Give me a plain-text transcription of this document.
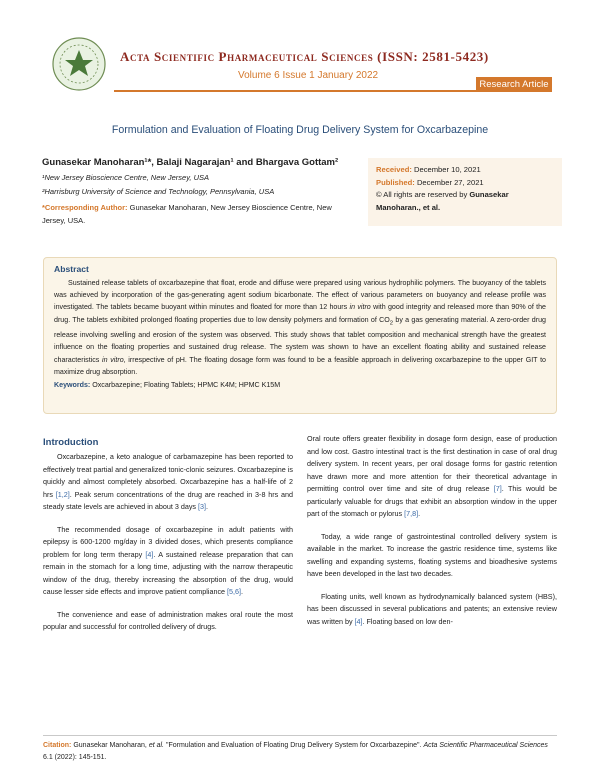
Acta Scientific Pharmaceutical Sciences (ISSN: 2581-5423)
Volume 6 Issue 1 January 2022
Research Article
Formulation and Evaluation of Floating Drug Delivery System for Oxcarbazepine
Gunasekar Manoharan¹*, Balaji Nagarajan¹ and Bhargava Gottam²
¹New Jersey Bioscience Centre, New Jersey, USA
²Harrisburg University of Science and Technology, Pennsylvania, USA
*Corresponding Author: Gunasekar Manoharan, New Jersey Bioscience Centre, New Jersey, USA.
Received: December 10, 2021
Published: December 27, 2021
© All rights are reserved by Gunasekar Manoharan., et al.
Abstract
Sustained release tablets of oxcarbazepine that float, erode and diffuse were prepared using various hydrophilic polymers. The buoyancy of the tablets was achieved by incorporation of the gas-generating agent sodium bicarbonate. The effect of various parameters on buoyancy and release profile was investigated. The tablets became buoyant within minutes and floated for more than 12 hours in vitro with good integrity and released more than 90% of the drug. The tablets exhibited prolonged floating properties due to low density polymers and formation of $CO_2$ by a gas generating material. A zero-order drug release involving swelling and erosion of the system was observed. This study shows that tablet composition and mechanical strength have the greatest influence on the floating properties and sustained drug release. The system was shown to have an excellent floating ability and sustained release characteristics in vitro, irrespective of pH. The floating dosage form was found to be a feasible approach in delivering oxcarbazepine to the upper GIT to maximize drug absorption.
Keywords: Oxcarbazepine; Floating Tablets; HPMC K4M; HPMC K15M
Introduction

Oxcarbazepine, a keto analogue of carbamazepine has been reported to effectively treat partial and generalized tonic-clonic seizures. Oxcarbazepine is quickly and almost completely absorbed. Oxcarbazepine has a half-life of 2 hrs [1,2]. Peak serum concentrations of the drug are reached in 3-8 hrs and steady state levels are achieved in about 3 days [3].

The recommended dosage of oxcarbazepine in adult patients with epilepsy is 600-1200 mg/day in 3 divided doses, which presents compliance problem for long term therapy [4]. A sustained release preparation that can remain in the stomach for a long time, adjusting with the narrow therapeutic window of the drug, thereby increasing the absorption of the drug, would cause lesser side effects and improve patient compliance [5,6].

The convenience and ease of administration makes oral route the most popular and successful for controlled delivery of drugs.

Oral route offers greater flexibility in dosage form design, ease of production and low cost. Gastro intestinal tract is the first destination in case of oral drug delivery system. In recent years, per oral dosage forms for gastric retention have drawn more and more attention for their theoretical advantage in permitting control over time and site of drug release [7]. This would be particularly valuable for drugs that exhibit an absorption window in the upper part of the stomach or pylorus [7,8].

Today, a wide range of gastrointestinal controlled delivery system is available in the market. To increase the gastric residence time, systems like swelling and expanding systems, floating systems and bioadhesive systems have been developed in the last two decades.

Floating units, well known as hydrodynamically balanced system (HBS), has been discussed in several publications and patents; an extensive review was written by [4]. Floating based on low den-

Citation: Gunasekar Manoharan, et al. "Formulation and Evaluation of Floating Drug Delivery System for Oxcarbazepine". Acta Scientific Pharmaceutical Sciences 6.1 (2022): 145-151.
